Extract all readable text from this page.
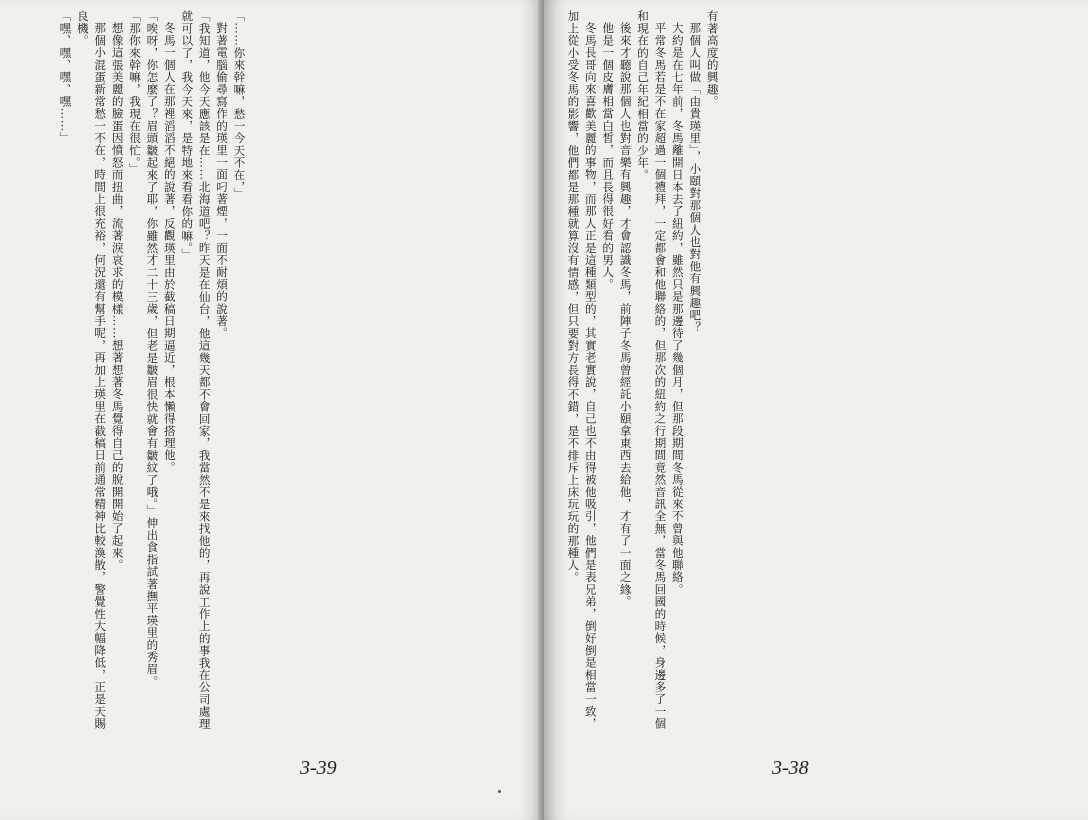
「……你來幹嘛，愁一今天不在，」

對著電腦偷尋寫作的瑛里一面叼著煙，一面不耐煩的說著。

「我知道，他今天應該是在……北海道吧？昨天是在仙台，他這幾天都不會回家，我當然不是來找他的，再說工作上的事我在公司處理就可以了，我今天來，是特地來看看你的嘛。」

冬馬一個人在那裡滔滔不絕的說著，反觀瑛里由於截稿日期逼近，根本懶得搭理他。

「唉呀，你怎麼了？眉頭皺起來了耶，你雖然才二十三歲，但老是皺眉很快就會有皺紋了哦。」伸出食指試著撫平瑛里的秀眉。

「那你來幹嘛，我現在很忙。」

想像這張美麗的臉蛋因憤怒而扭曲，流著淚哀求的模樣……想著想著冬馬覺得自己的脫開開始了起來。

那個小混蛋新常愁一不在，時間上很充裕，何況還有幫手呢，再加上瑛里在截稿日前通常精神比較渙散，警覺性大幅降低，正是天賜良機。

「嘿、嘿、嘿、嘿……」

3-39

有著高度的興趣。

那個人叫做「由貴瑛里」，小頤對那個人也對他有興趣吧？

大約是在七年前，冬馬離開日本去了紐約，雖然只是那邊待了幾個月，但那段期間冬馬從來不曾與他聯絡。

平常冬馬若是不在家超過一個禮拜，一定都會和他聯絡的，但那次的紐約之行期間竟然音訊全無，當冬馬回國的時候，身邊多了一個和現在的自己年紀相當的少年。

後來才聽說那個人也對音樂有興趣，才會認識冬馬，前陣子冬馬曾經託小頤拿東西去給他，才有了一面之緣。

他是一個皮膚相當白皙，而且長得很好看的男人。

冬馬長哥向來喜歡美麗的事物，而那人正是這種類型的，其實老實說，自己也不由得被他吸引，他們是表兄弟，倒好倒是相當一致，加上從小受冬馬的影響，他們都是那種就算沒有情感，但只要對方長得不錯，是不排斥上床玩玩的那種人。

3-38
